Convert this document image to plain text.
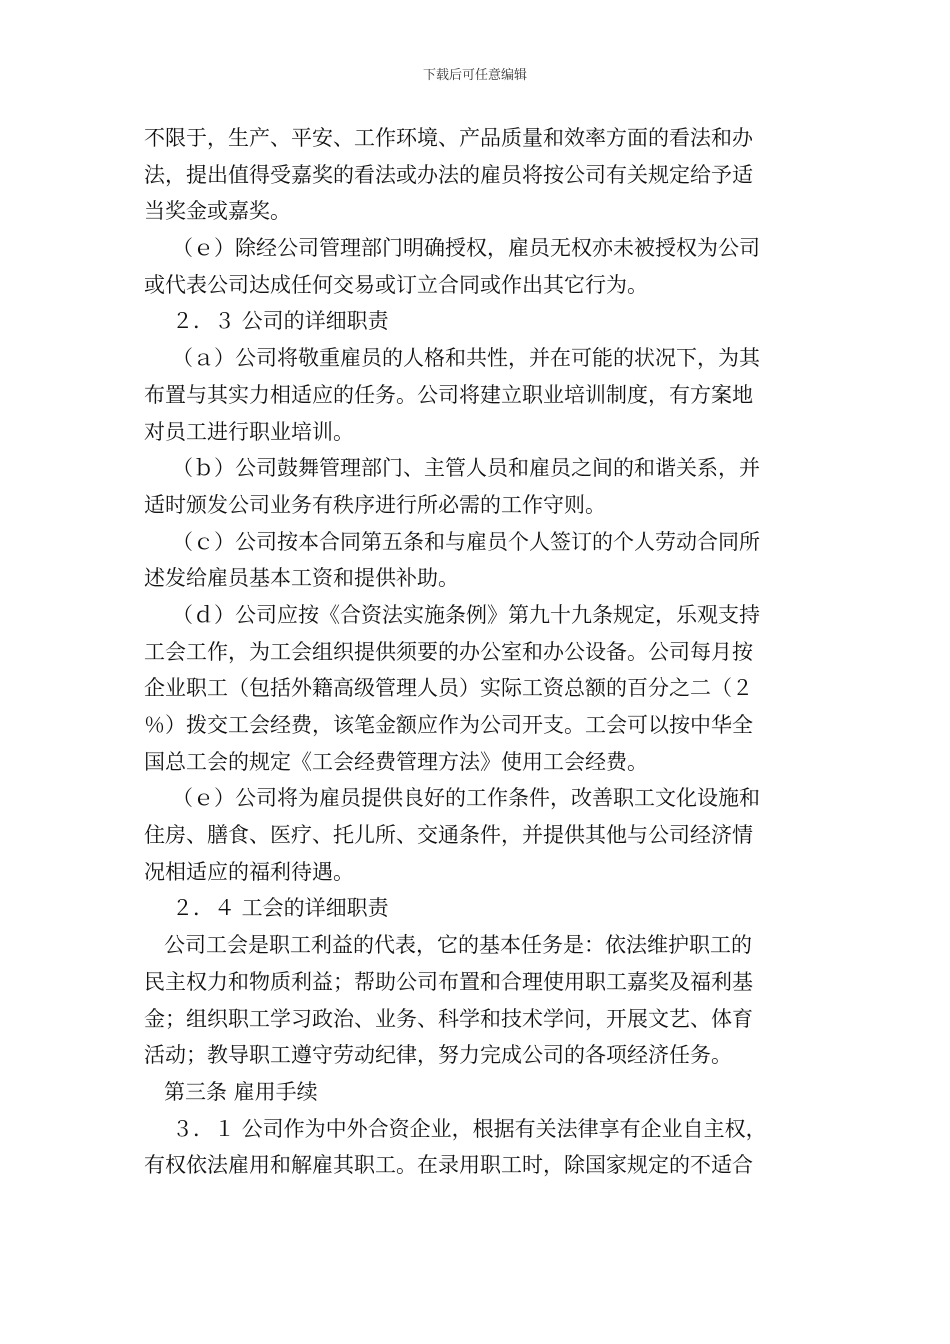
下载后可任意编辑
不限于，生产、平安、工作环境、产品质量和效率方面的看法和办
法，提出值得受嘉奖的看法或办法的雇员将按公司有关规定给予适
当奖金或嘉奖。
（ｅ）除经公司管理部门明确授权，雇员无权亦未被授权为公司
或代表公司达成任何交易或订立合同或作出其它行为。
２．３ 公司的详细职责
（ａ）公司将敬重雇员的人格和共性，并在可能的状况下，为其
布置与其实力相适应的任务。公司将建立职业培训制度，有方案地
对员工进行职业培训。
（ｂ）公司鼓舞管理部门、主管人员和雇员之间的和谐关系，并
适时颁发公司业务有秩序进行所必需的工作守则。
（ｃ）公司按本合同第五条和与雇员个人签订的个人劳动合同所
述发给雇员基本工资和提供补助。
（ｄ）公司应按《合资法实施条例》第九十九条规定，乐观支持
工会工作，为工会组织提供须要的办公室和办公设备。公司每月按
企业职工（包括外籍高级管理人员）实际工资总额的百分之二（２
％）拨交工会经费，该笔金额应作为公司开支。工会可以按中华全
国总工会的规定《工会经费管理方法》使用工会经费。
（ｅ）公司将为雇员提供良好的工作条件，改善职工文化设施和
住房、膳食、医疗、托儿所、交通条件，并提供其他与公司经济情
况相适应的福利待遇。
２．４ 工会的详细职责
公司工会是职工利益的代表，它的基本任务是：依法维护职工的
民主权力和物质利益；帮助公司布置和合理使用职工嘉奖及福利基
金；组织职工学习政治、业务、科学和技术学问，开展文艺、体育
活动；教导职工遵守劳动纪律，努力完成公司的各项经济任务。
第三条 雇用手续
３．１ 公司作为中外合资企业，根据有关法律享有企业自主权，
有权依法雇用和解雇其职工。在录用职工时，除国家规定的不适合
